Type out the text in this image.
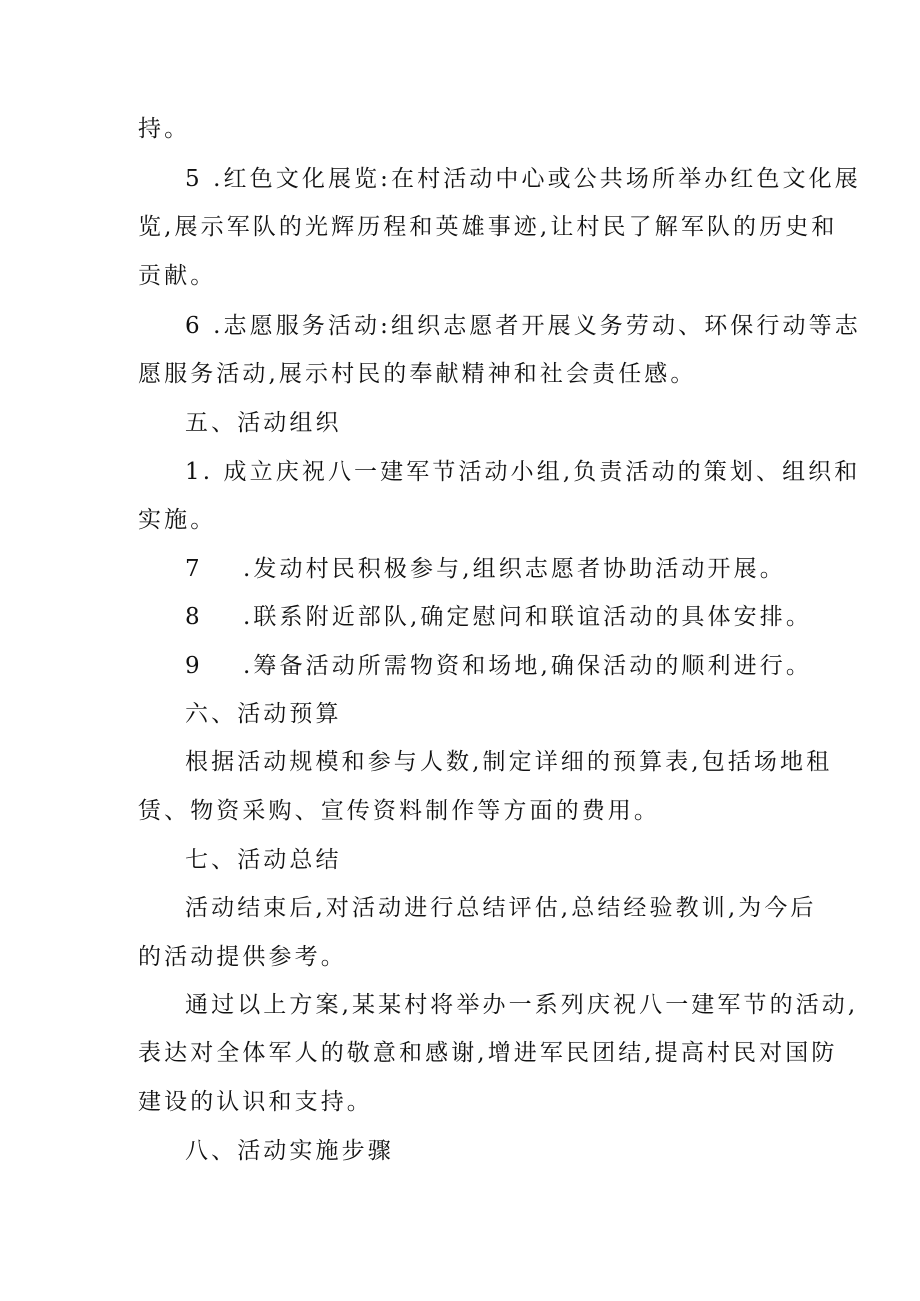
持。
5 .红色文化展览:在村活动中心或公共场所举办红色文化展
览,展示军队的光辉历程和英雄事迹,让村民了解军队的历史和
贡献。
6 .志愿服务活动:组织志愿者开展义务劳动、环保行动等志
愿服务活动,展示村民的奉献精神和社会责任感。
五、活动组织
1. 成立庆祝八一建军节活动小组,负责活动的策划、组织和
实施。
7 .发动村民积极参与,组织志愿者协助活动开展。
8 .联系附近部队,确定慰问和联谊活动的具体安排。
9 .筹备活动所需物资和场地,确保活动的顺利进行。
六、活动预算
根据活动规模和参与人数,制定详细的预算表,包括场地租
赁、物资采购、宣传资料制作等方面的费用。
七、活动总结
活动结束后,对活动进行总结评估,总结经验教训,为今后
的活动提供参考。
通过以上方案,某某村将举办一系列庆祝八一建军节的活动,
表达对全体军人的敬意和感谢,增进军民团结,提高村民对国防
建设的认识和支持。
八、活动实施步骤
